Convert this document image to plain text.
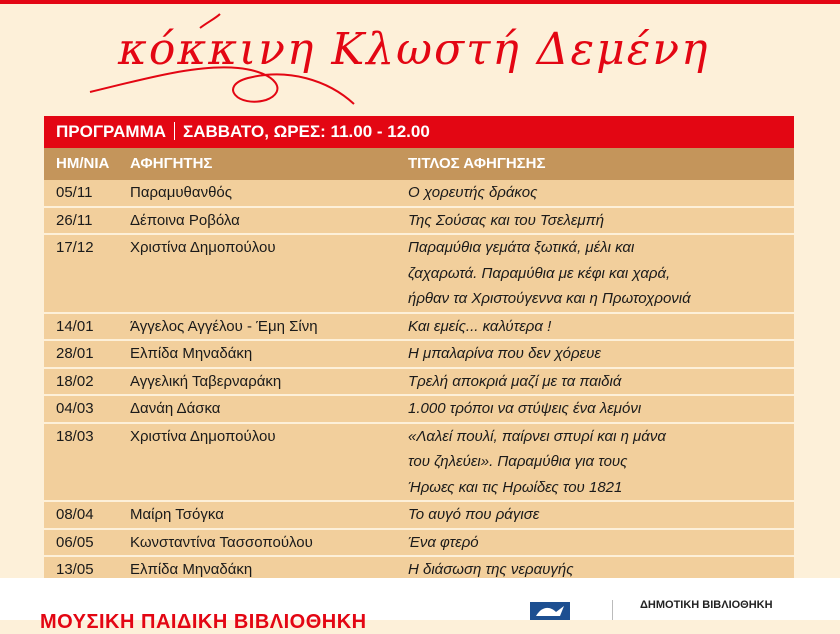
κόκκινη Κλωστή Δεμένη
ΠΡΟΓΡΑΜΜΑ ΣΑΒΒΑΤΟ, ΩΡΕΣ: 11.00 - 12.00
ΗΜ/ΝΙΑ	ΑΦΗΓΗΤΗΣ	ΤΙΤΛΟΣ ΑΦΗΓΗΣΗΣ
05/11	Παραμυθανθός	Ο χορευτής δράκος
26/11	Δέποινα Ροβόλα	Της Σούσας και του Τσελεμπή
17/12	Χριστίνα Δημοπούλου	Παραμύθια γεμάτα ξωτικά, μέλι και
ζαχαρωτά. Παραμύθια με κέφι και χαρά,
ήρθαν τα Χριστούγεννα και η Πρωτοχρονιά
14/01	Άγγελος Αγγέλου - Έμη Σίνη	Και εμείς... καλύτερα !
28/01	Ελπίδα Μηναδάκη	Η μπαλαρίνα που δεν χόρευε
18/02	Αγγελική Ταβερναράκη	Τρελή αποκριά μαζί με τα παιδιά
04/03	Δανάη Δάσκα	1.000 τρόποι να στύψεις ένα λεμόνι
18/03	Χριστίνα Δημοπούλου	«Λαλεί πουλί, παίρνει σπυρί και η μάνα
του ζηλεύει». Παραμύθια για τους
Ήρωες και τις Ηρωίδες του 1821
08/04	Μαίρη Τσόγκα	Το αυγό που ράγισε
06/05	Κωνσταντίνα Τασσοπούλου	Ένα φτερό
13/05	Ελπίδα Μηναδάκη	Η διάσωση της νεραυγής
ΜΟΥΣΙΚΗ ΠΑΙΔΙΚΗ ΒΙΒΛΙΟΘΗΚΗ
ΔΗΜΟΤΙΚΗ ΒΙΒΛΙΟΘΗΚΗ
